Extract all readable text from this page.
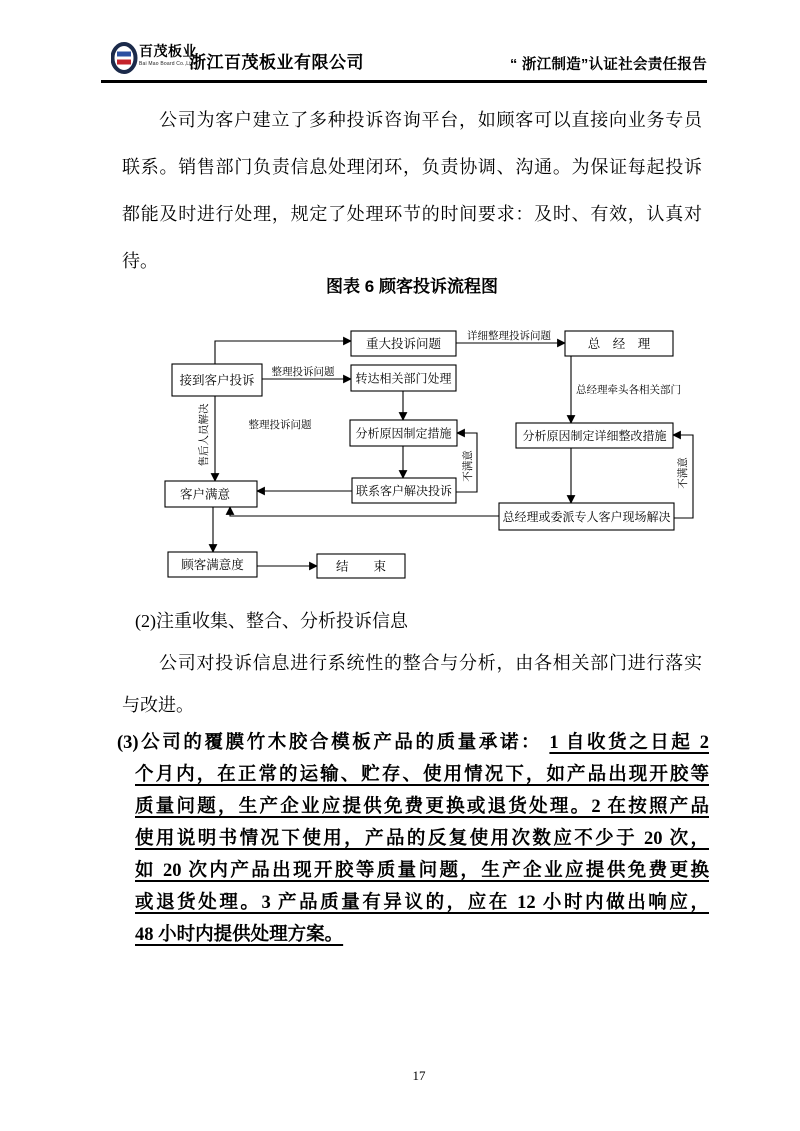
百茂板业
Bai Mao Board Co.,Ltd.
浙江百茂板业有限公司	“ 浙江制造”认证社会责任报告
公司为客户建立了多种投诉咨询平台，如顾客可以直接向业务专员
联系。销售部门负责信息处理闭环，负责协调、沟通。为保证每起投诉
都能及时进行处理，规定了处理环节的时间要求：及时、有效，认真对
待。
图表 6 顾客投诉流程图
接到客户投诉
重大投诉问题
转达相关部门处理
分析原因制定措施
联系客户解决投诉
客户满意
顾客满意度	结　　束
总　经　理
分析原因制定详细整改措施
总经理或委派专人客户现场解决
整理投诉问题
详细整理投诉问题
总经理牵头各相关部门
整理投诉问题
售后人员解决	不满意	不满意
(2)注重收集、整合、分析投诉信息
公司对投诉信息进行系统性的整合与分析，由各相关部门进行落实
与改进。
(3)公司的覆膜竹木胶合模板产品的质量承诺： 1 自收货之日起 2
个月内，在正常的运输、贮存、使用情况下，如产品出现开胶等
质量问题，生产企业应提供免费更换或退货处理。2 在按照产品
使用说明书情况下使用，产品的反复使用次数应不少于 20 次，
如 20 次内产品出现开胶等质量问题，生产企业应提供免费更换
或退货处理。3 产品质量有异议的，应在 12 小时内做出响应，
48 小时内提供处理方案。
17
